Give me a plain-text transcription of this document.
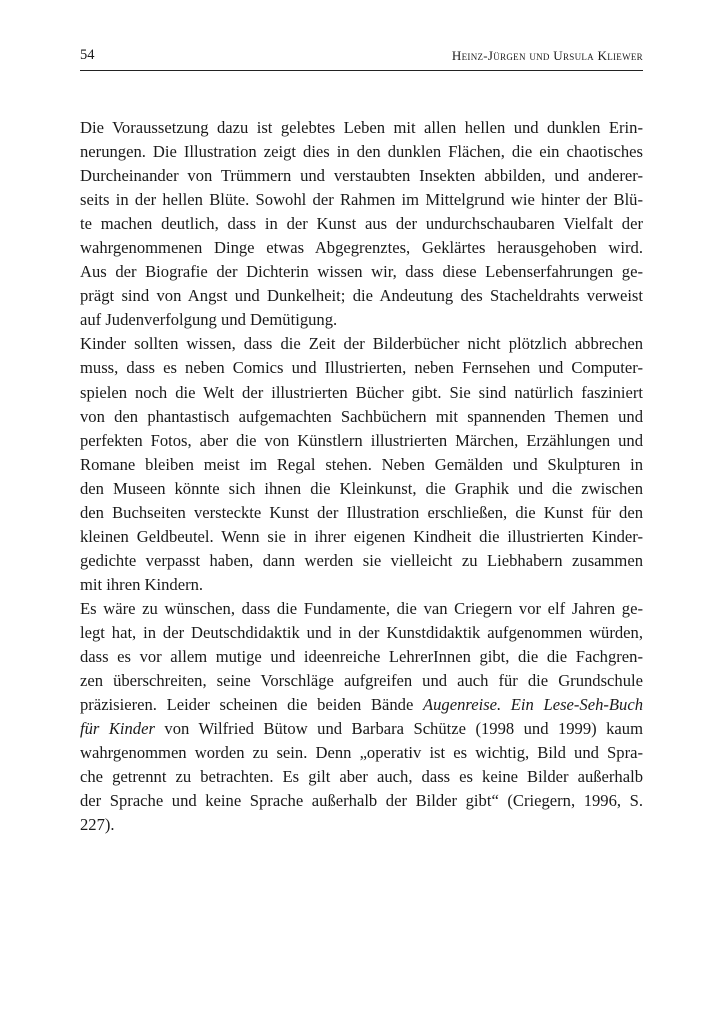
54	Heinz-Jürgen und Ursula Kliewer
Die Voraussetzung dazu ist gelebtes Leben mit allen hellen und dunklen Erin-
nerungen. Die Illustration zeigt dies in den dunklen Flächen, die ein chaotisches
Durcheinander von Trümmern und verstaubten Insekten abbilden, und anderer-
seits in der hellen Blüte. Sowohl der Rahmen im Mittelgrund wie hinter der Blü-
te machen deutlich, dass in der Kunst aus der undurchschaubaren Vielfalt der
wahrgenommenen Dinge etwas Abgegrenztes, Geklärtes herausgehoben wird.
Aus der Biografie der Dichterin wissen wir, dass diese Lebenserfahrungen ge-
prägt sind von Angst und Dunkelheit; die Andeutung des Stacheldrahts verweist
auf Judenverfolgung und Demütigung.
Kinder sollten wissen, dass die Zeit der Bilderbücher nicht plötzlich abbrechen
muss, dass es neben Comics und Illustrierten, neben Fernsehen und Computer-
spielen noch die Welt der illustrierten Bücher gibt. Sie sind natürlich fasziniert
von den phantastisch aufgemachten Sachbüchern mit spannenden Themen und
perfekten Fotos, aber die von Künstlern illustrierten Märchen, Erzählungen und
Romane bleiben meist im Regal stehen. Neben Gemälden und Skulpturen in
den Museen könnte sich ihnen die Kleinkunst, die Graphik und die zwischen
den Buchseiten versteckte Kunst der Illustration erschließen, die Kunst für den
kleinen Geldbeutel. Wenn sie in ihrer eigenen Kindheit die illustrierten Kinder-
gedichte verpasst haben, dann werden sie vielleicht zu Liebhabern zusammen
mit ihren Kindern.
Es wäre zu wünschen, dass die Fundamente, die van Criegern vor elf Jahren ge-
legt hat, in der Deutschdidaktik und in der Kunstdidaktik aufgenommen würden,
dass es vor allem mutige und ideenreiche LehrerInnen gibt, die die Fachgren-
zen überschreiten, seine Vorschläge aufgreifen und auch für die Grundschule
präzisieren. Leider scheinen die beiden Bände Augenreise. Ein Lese-Seh-Buch
für Kinder von Wilfried Bütow und Barbara Schütze (1998 und 1999) kaum
wahrgenommen worden zu sein. Denn „operativ ist es wichtig, Bild und Spra-
che getrennt zu betrachten. Es gilt aber auch, dass es keine Bilder außerhalb
der Sprache und keine Sprache außerhalb der Bilder gibt“ (Criegern, 1996, S.
227).
